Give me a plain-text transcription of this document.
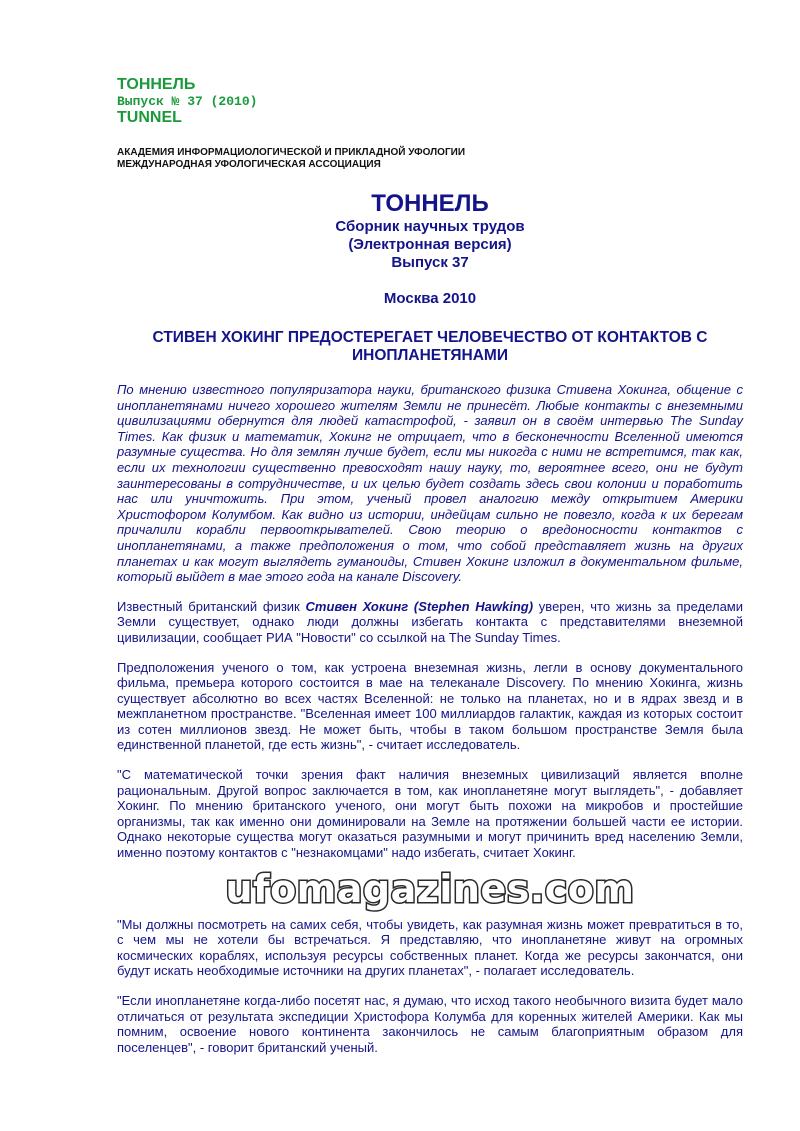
ТОННЕЛЬ
Выпуск № 37 (2010)
TUNNEL
АКАДЕМИЯ ИНФОРМАЦИОЛОГИЧЕСКОЙ И ПРИКЛАДНОЙ УФОЛОГИИ
МЕЖДУНАРОДНАЯ УФОЛОГИЧЕСКАЯ АССОЦИАЦИЯ
ТОННЕЛЬ
Сборник научных трудов
(Электронная версия)
Выпуск 37
Москва 2010
СТИВЕН ХОКИНГ ПРЕДОСТЕРЕГАЕТ ЧЕЛОВЕЧЕСТВО ОТ КОНТАКТОВ С
ИНОПЛАНЕТЯНАМИ
По мнению известного популяризатора науки, британского физика Стивена Хокинга, общение с инопланетянами ничего хорошего жителям Земли не принесёт. Любые контакты с внеземными цивилизациями обернутся для людей катастрофой, - заявил он в своём интервью The Sunday Times. Как физик и математик, Хокинг не отрицает, что в бесконечности Вселенной имеются разумные существа. Но для землян лучше будет, если мы никогда с ними не встретимся, так как, если их технологии существенно превосходят нашу науку, то, вероятнее всего, они не будут заинтересованы в сотрудничестве, и их целью будет создать здесь свои колонии и поработить нас или уничтожить. При этом, ученый провел аналогию между открытием Америки Христофором Колумбом. Как видно из истории, индейцам сильно не повезло, когда к их берегам причалили корабли первооткрывателей. Свою теорию о вредоносности контактов с инопланетянами, а также предположения о том, что собой представляет жизнь на других планетах и как могут выглядеть гуманоиды, Стивен Хокинг изложил в документальном фильме, который выйдет в мае этого года на канале Discovery.
Известный британский физик Стивен Хокинг (Stephen Hawking) уверен, что жизнь за пределами Земли существует, однако люди должны избегать контакта с представителями внеземной цивилизации, сообщает РИА "Новости" со ссылкой на The Sunday Times.
Предположения ученого о том, как устроена внеземная жизнь, легли в основу документального фильма, премьера которого состоится в мае на телеканале Discovery. По мнению Хокинга, жизнь существует абсолютно во всех частях Вселенной: не только на планетах, но и в ядрах звезд и в межпланетном пространстве. "Вселенная имеет 100 миллиардов галактик, каждая из которых состоит из сотен миллионов звезд. Не может быть, чтобы в таком большом пространстве Земля была единственной планетой, где есть жизнь", - считает исследователь.
"С математической точки зрения факт наличия внеземных цивилизаций является вполне рациональным. Другой вопрос заключается в том, как инопланетяне могут выглядеть", - добавляет Хокинг. По мнению британского ученого, они могут быть похожи на микробов и простейшие организмы, так как именно они доминировали на Земле на протяжении большей части ее истории. Однако некоторые существа могут оказаться разумными и могут причинить вред населению Земли, именно поэтому контактов с "незнакомцами" надо избегать, считает Хокинг.
ufomagazines.com
"Мы должны посмотреть на самих себя, чтобы увидеть, как разумная жизнь может превратиться в то, с чем мы не хотели бы встречаться. Я представляю, что инопланетяне живут на огромных космических кораблях, используя ресурсы собственных планет. Когда же ресурсы закончатся, они будут искать необходимые источники на других планетах", - полагает исследователь.
"Если инопланетяне когда-либо посетят нас, я думаю, что исход такого необычного визита будет мало отличаться от результата экспедиции Христофора Колумба для коренных жителей Америки. Как мы помним, освоение нового континента закончилось не самым благоприятным образом для поселенцев", - говорит британский ученый.
